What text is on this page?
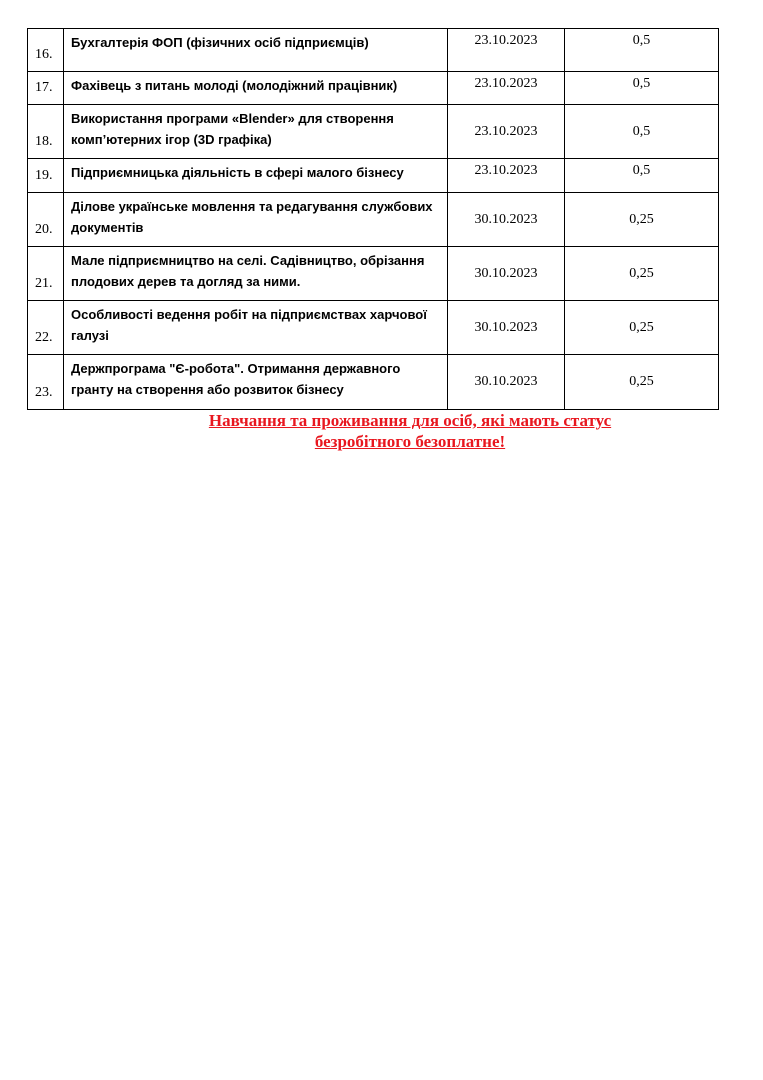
16.	Бухгалтерія ФОП (фізичних осіб підприємців)	23.10.2023	0,5
17.	Фахівець з питань молоді (молодіжний працівник)	23.10.2023	0,5
18.	Використання програми «Blender» для створення комп’ютерних ігор (3D графіка)	23.10.2023	0,5
19.	Підприємницька діяльність в сфері малого бізнесу	23.10.2023	0,5
20.	Ділове українське мовлення та редагування службових документів	30.10.2023	0,25
21.	Мале підприємництво на селі. Садівництво, обрізання плодових дерев та догляд за ними.	30.10.2023	0,25
22.	Особливості ведення робіт на підприємствах харчової галузі	30.10.2023	0,25
23.	Держпрограма "Є-робота". Отримання державного гранту на створення або розвиток бізнесу	30.10.2023	0,25
Навчання та проживання для осіб, які мають статус
безробітного безоплатне!
